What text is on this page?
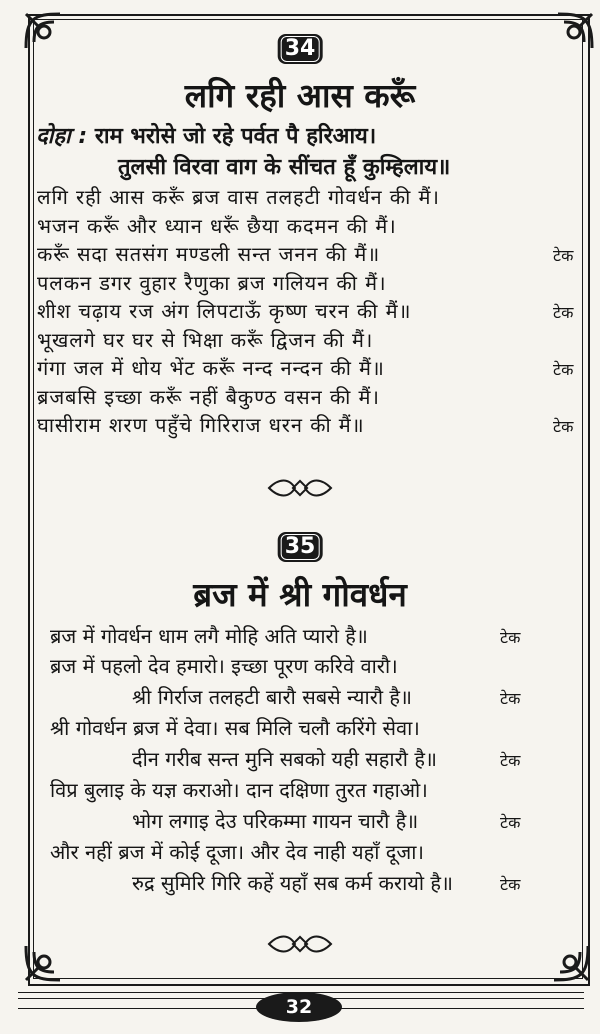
34
लगि रही आस करूँ
दोहा : राम भरोसे जो रहे पर्वत पै हरिआय।
तुलसी विरवा वाग के सींचत हूँ कुम्हिलाय॥
लगि रही आस करूँ ब्रज वास तलहटी गोवर्धन की मैं।
भजन करूँ और ध्यान धरूँ छैया कदमन की मैं।
करूँ सदा सतसंग मण्डली सन्त जनन की मैं॥	टेक
पलकन डगर वुहार रैणुका ब्रज गलियन की मैं।
शीश चढ़ाय रज अंग लिपटाऊँ कृष्ण चरन की मैं॥	टेक
भूखलगे घर घर से भिक्षा करूँ द्विजन की मैं।
गंगा जल में धोय भेंट करूँ नन्द नन्दन की मैं॥	टेक
ब्रजबसि इच्छा करूँ नहीं बैकुण्ठ वसन की मैं।
घासीराम शरण पहुँचे गिरिराज धरन की मैं॥	टेक
35
ब्रज में श्री गोवर्धन
ब्रज में गोवर्धन धाम लगै मोहि अति प्यारो है॥	टेक
ब्रज में पहलो देव हमारो। इच्छा पूरण करिवे वारौ।
श्री गिर्राज तलहटी बारौ सबसे न्यारौ है॥	टेक
श्री गोवर्धन ब्रज में देवा। सब मिलि चलौ करिंगे सेवा।
दीन गरीब सन्त मुनि सबको यही सहारौ है॥	टेक
विप्र बुलाइ के यज्ञ कराओ। दान दक्षिणा तुरत गहाओ।
भोग लगाइ देउ परिकम्मा गायन चारौ है॥	टेक
और नहीं ब्रज में कोई दूजा। और देव नाही यहाँ दूजा।
रुद्र सुमिरि गिरि कहें यहाँ सब कर्म करायो है॥	टेक
32
